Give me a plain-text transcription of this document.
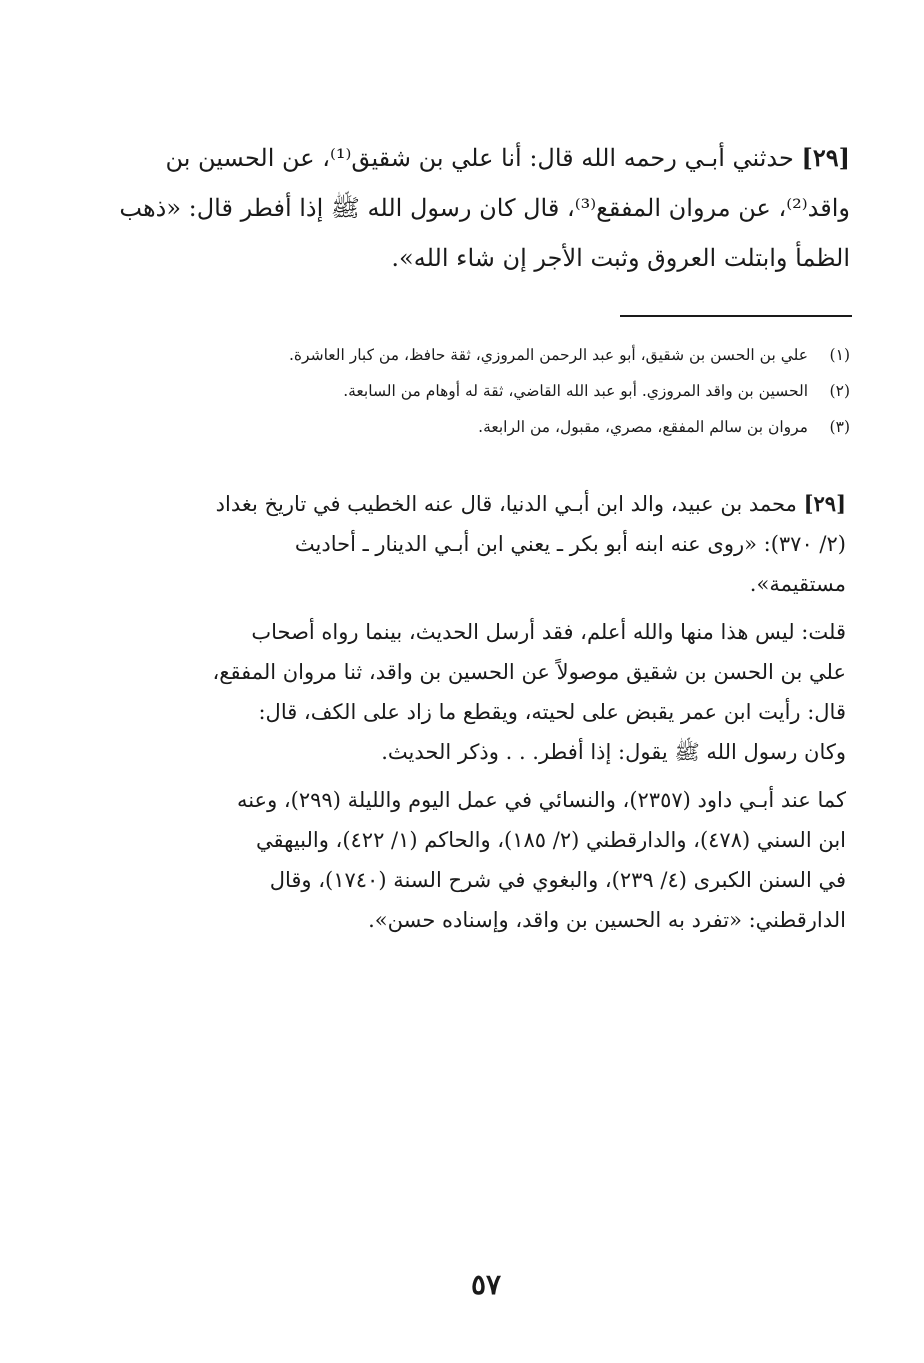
[٢٩] حدثني أبـي رحمه الله قال: أنا علي بن شقيق⁽¹⁾، عن الحسين بن
واقد⁽²⁾، عن مروان المفقع⁽³⁾، قال كان رسول الله ﷺ إذا أفطر قال: «ذهب
الظمأ وابتلت العروق وثبت الأجر إن شاء الله».
(١)علي بن الحسن بن شقيق، أبو عبد الرحمن المروزي، ثقة حافظ، من كبار العاشرة.
(٢)الحسين بن واقد المروزي. أبو عبد الله القاضي، ثقة له أوهام من السابعة.
(٣)مروان بن سالم المفقع، مصري، مقبول، من الرابعة.
[٢٩] محمد بن عبيد، والد ابن أبـي الدنيا، قال عنه الخطيب في تاريخ بغداد
(٢/ ٣٧٠): «روى عنه ابنه أبو بكر ـ يعني ابن أبـي الدينار ـ أحاديث
مستقيمة».
قلت: ليس هذا منها والله أعلم، فقد أرسل الحديث، بينما رواه أصحاب
علي بن الحسن بن شقيق موصولاً عن الحسين بن واقد، ثنا مروان المفقع،
قال: رأيت ابن عمر يقبض على لحيته، ويقطع ما زاد على الكف، قال:
وكان رسول الله ﷺ يقول: إذا أفطر. . . وذكر الحديث.
كما عند أبـي داود (٢٣٥٧)، والنسائي في عمل اليوم والليلة (٢٩٩)، وعنه
ابن السني (٤٧٨)، والدارقطني (٢/ ١٨٥)، والحاكم (١/ ٤٢٢)، والبيهقي
في السنن الكبرى (٤/ ٢٣٩)، والبغوي في شرح السنة (١٧٤٠)، وقال
الدارقطني: «تفرد به الحسين بن واقد، وإسناده حسن».
٥٧
